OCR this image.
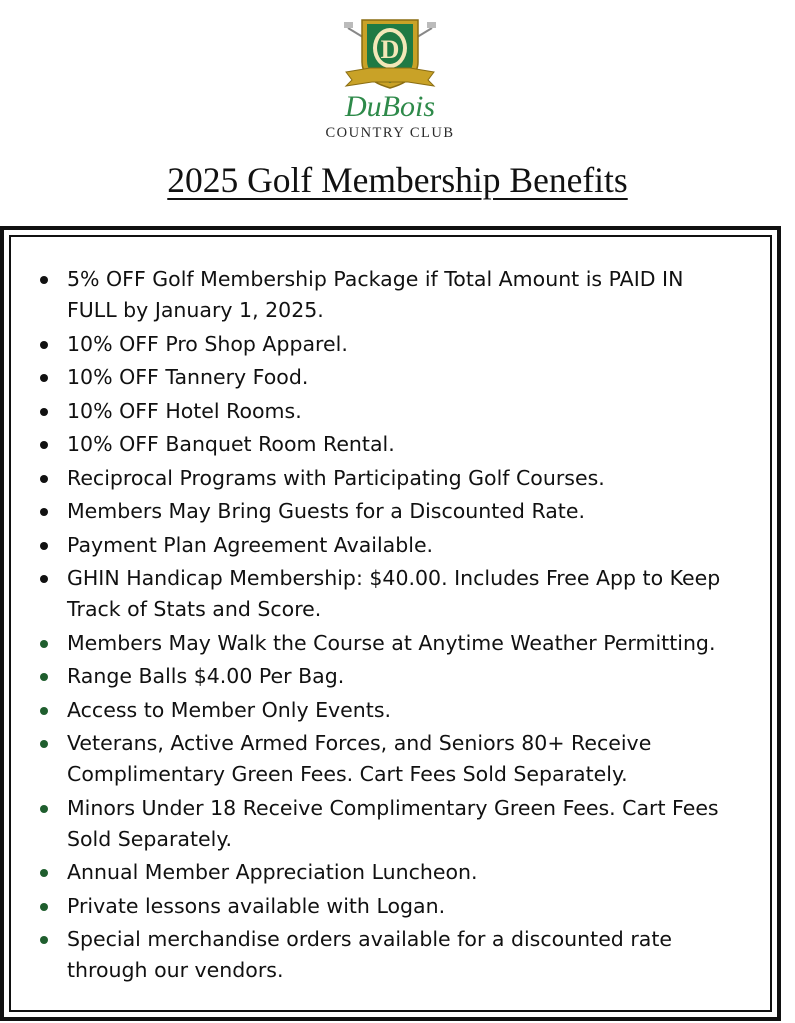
D
DuBois
COUNTRY CLUB
2025 Golf Membership Benefits
5% OFF Golf Membership Package if Total Amount is PAID IN
FULL by January 1, 2025.
10% OFF Pro Shop Apparel.
10% OFF Tannery Food.
10% OFF Hotel Rooms.
10% OFF Banquet Room Rental.
Reciprocal Programs with Participating Golf Courses.
Members May Bring Guests for a Discounted Rate.
Payment Plan Agreement Available.
GHIN Handicap Membership: $40.00. Includes Free App to Keep
Track of Stats and Score.
Members May Walk the Course at Anytime Weather Permitting.
Range Balls $4.00 Per Bag.
Access to Member Only Events.
Veterans, Active Armed Forces, and Seniors 80+ Receive
Complimentary Green Fees. Cart Fees Sold Separately.
Minors Under 18 Receive Complimentary Green Fees. Cart Fees
Sold Separately.
Annual Member Appreciation Luncheon.
Private lessons available with Logan.
Special merchandise orders available for a discounted rate
through our vendors.
